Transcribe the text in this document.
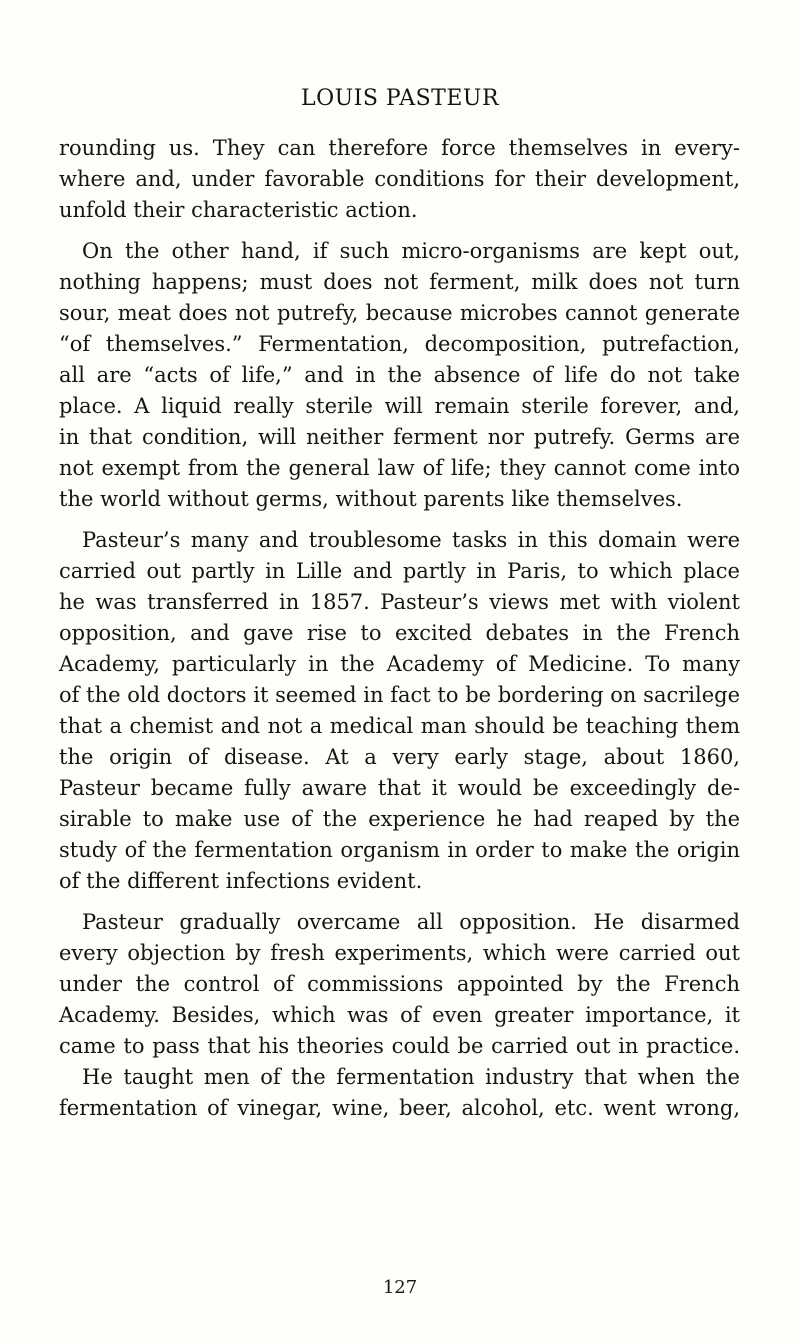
LOUIS PASTEUR
rounding us. They can therefore force themselves in every-
where and, under favorable conditions for their development,
unfold their characteristic action.
On the other hand, if such micro-organisms are kept out,
nothing happens; must does not ferment, milk does not turn
sour, meat does not putrefy, because microbes cannot generate
“of themselves.” Fermentation, decomposition, putrefaction,
all are “acts of life,” and in the absence of life do not take
place. A liquid really sterile will remain sterile forever, and,
in that condition, will neither ferment nor putrefy. Germs are
not exempt from the general law of life; they cannot come into
the world without germs, without parents like themselves.
Pasteur’s many and troublesome tasks in this domain were
carried out partly in Lille and partly in Paris, to which place
he was transferred in 1857. Pasteur’s views met with violent
opposition, and gave rise to excited debates in the French
Academy, particularly in the Academy of Medicine. To many
of the old doctors it seemed in fact to be bordering on sacrilege
that a chemist and not a medical man should be teaching them
the origin of disease. At a very early stage, about 1860,
Pasteur became fully aware that it would be exceedingly de-
sirable to make use of the experience he had reaped by the
study of the fermentation organism in order to make the origin
of the different infections evident.
Pasteur gradually overcame all opposition. He disarmed
every objection by fresh experiments, which were carried out
under the control of commissions appointed by the French
Academy. Besides, which was of even greater importance, it
came to pass that his theories could be carried out in practice.
He taught men of the fermentation industry that when the
fermentation of vinegar, wine, beer, alcohol, etc. went wrong,
127
